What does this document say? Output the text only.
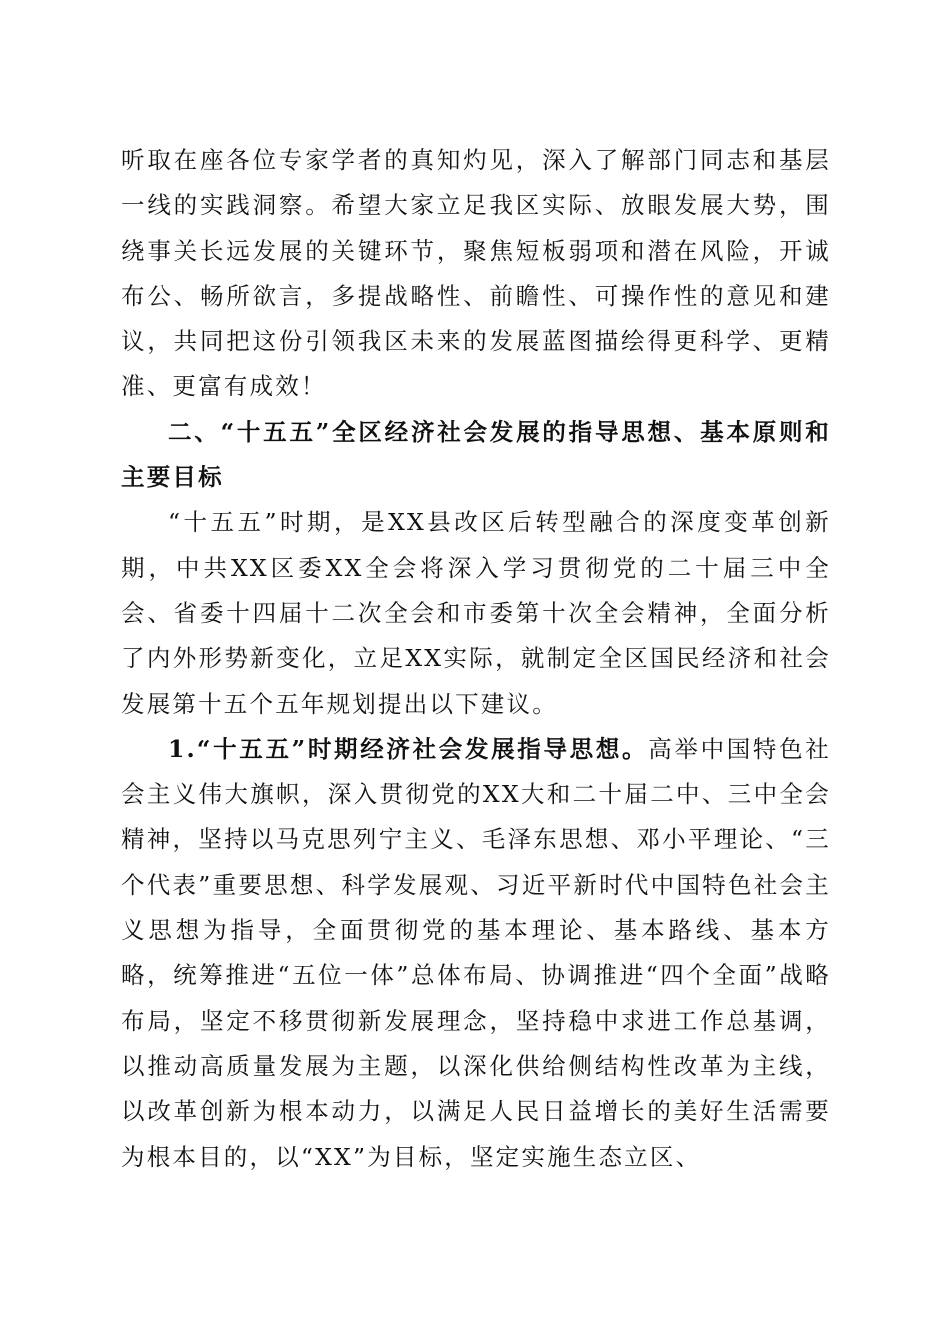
听取在座各位专家学者的真知灼见，深入了解部门同志和基层一线的实践洞察。希望大家立足我区实际、放眼发展大势，围绕事关长远发展的关键环节，聚焦短板弱项和潜在风险，开诚布公、畅所欲言，多提战略性、前瞻性、可操作性的意见和建议，共同把这份引领我区未来的发展蓝图描绘得更科学、更精准、更富有成效！

二、“十五五”全区经济社会发展的指导思想、基本原则和主要目标

“十五五”时期，是XX县改区后转型融合的深度变革创新期，中共XX区委XX全会将深入学习贯彻党的二十届三中全会、省委十四届十二次全会和市委第十次全会精神，全面分析了内外形势新变化，立足XX实际，就制定全区国民经济和社会发展第十五个五年规划提出以下建议。

1.“十五五”时期经济社会发展指导思想。高举中国特色社会主义伟大旗帜，深入贯彻党的XX大和二十届二中、三中全会精神，坚持以马克思列宁主义、毛泽东思想、邓小平理论、“三个代表”重要思想、科学发展观、习近平新时代中国特色社会主义思想为指导，全面贯彻党的基本理论、基本路线、基本方略，统筹推进“五位一体”总体布局、协调推进“四个全面”战略布局，坚定不移贯彻新发展理念，坚持稳中求进工作总基调，以推动高质量发展为主题，以深化供给侧结构性改革为主线，以改革创新为根本动力，以满足人民日益增长的美好生活需要为根本目的，以“XX”为目标，坚定实施生态立区、
